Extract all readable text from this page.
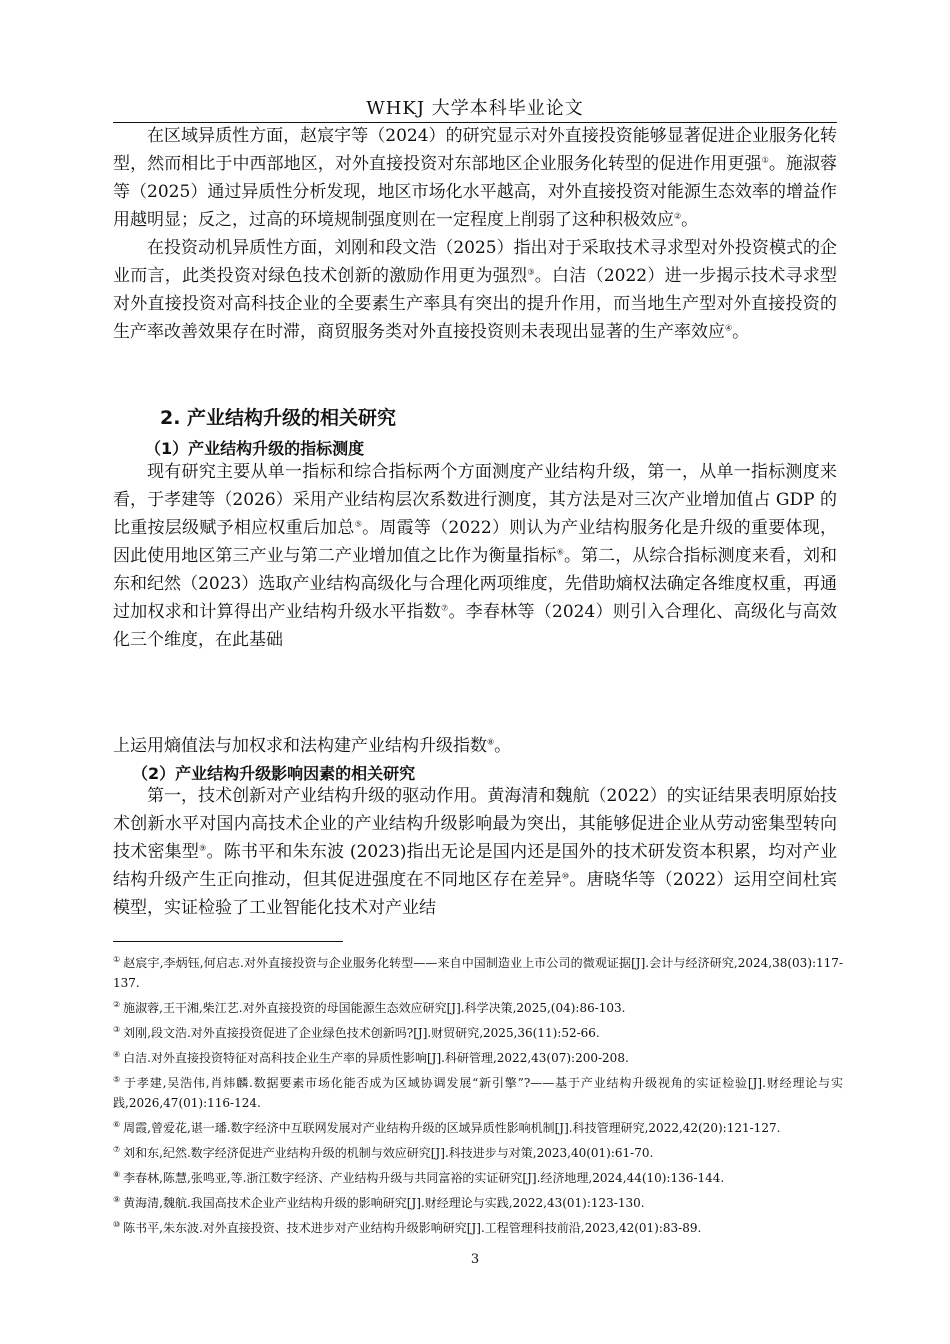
WHKJ 大学本科毕业论文

在区域异质性方面，赵宸宇等（2024）的研究显示对外直接投资能够显著促进企业服务化转型，然而相比于中西部地区，对外直接投资对东部地区企业服务化转型的促进作用更强①。施淑蓉等（2025）通过异质性分析发现，地区市场化水平越高，对外直接投资对能源生态效率的增益作用越明显；反之，过高的环境规制强度则在一定程度上削弱了这种积极效应②。

在投资动机异质性方面，刘刚和段文浩（2025）指出对于采取技术寻求型对外投资模式的企业而言，此类投资对绿色技术创新的激励作用更为强烈③。白洁（2022）进一步揭示技术寻求型对外直接投资对高科技企业的全要素生产率具有突出的提升作用，而当地生产型对外直接投资的生产率改善效果存在时滞，商贸服务类对外直接投资则未表现出显著的生产率效应④。

2. 产业结构升级的相关研究
（1）产业结构升级的指标测度

现有研究主要从单一指标和综合指标两个方面测度产业结构升级，第一，从单一指标测度来看，于孝建等（2026）采用产业结构层次系数进行测度，其方法是对三次产业增加值占 GDP 的比重按层级赋予相应权重后加总⑤。周霞等（2022）则认为产业结构服务化是升级的重要体现，因此使用地区第三产业与第二产业增加值之比作为衡量指标⑥。第二，从综合指标测度来看，刘和东和纪然（2023）选取产业结构高级化与合理化两项维度，先借助熵权法确定各维度权重，再通过加权求和计算得出产业结构升级水平指数⑦。李春林等（2024）则引入合理化、高级化与高效化三个维度，在此基础

上运用熵值法与加权求和法构建产业结构升级指数⑧。

（2）产业结构升级影响因素的相关研究

第一，技术创新对产业结构升级的驱动作用。黄海清和魏航（2022）的实证结果表明原始技术创新水平对国内高技术企业的产业结构升级影响最为突出，其能够促进企业从劳动密集型转向技术密集型⑨。陈书平和朱东波 (2023)指出无论是国内还是国外的技术研发资本积累，均对产业结构升级产生正向推动，但其促进强度在不同地区存在差异⑩。唐晓华等（2022）运用空间杜宾模型，实证检验了工业智能化技术对产业结

① 赵宸宇,李炳钰,何启志.对外直接投资与企业服务化转型——来自中国制造业上市公司的微观证据[J].会计与经济研究,2024,38(03):117-137.
② 施淑蓉,王干湘,柴江艺.对外直接投资的母国能源生态效应研究[J].科学决策,2025,(04):86-103.
③ 刘刚,段文浩.对外直接投资促进了企业绿色技术创新吗?[J].财贸研究,2025,36(11):52-66.
④ 白洁.对外直接投资特征对高科技企业生产率的异质性影响[J].科研管理,2022,43(07):200-208.
⑤ 于孝建,吴浩伟,肖炜麟.数据要素市场化能否成为区域协调发展“新引擎”?——基于产业结构升级视角的实证检验[J].财经理论与实践,2026,47(01):116-124.
⑥ 周霞,曾爱花,谌一璠.数字经济中互联网发展对产业结构升级的区域异质性影响机制[J].科技管理研究,2022,42(20):121-127.
⑦ 刘和东,纪然.数字经济促进产业结构升级的机制与效应研究[J].科技进步与对策,2023,40(01):61-70.
⑧ 李春林,陈慧,张鸣亚,等.浙江数字经济、产业结构升级与共同富裕的实证研究[J].经济地理,2024,44(10):136-144.
⑨ 黄海清,魏航.我国高技术企业产业结构升级的影响研究[J].财经理论与实践,2022,43(01):123-130.
⑩ 陈书平,朱东波.对外直接投资、技术进步对产业结构升级影响研究[J].工程管理科技前沿,2023,42(01):83-89.
3
